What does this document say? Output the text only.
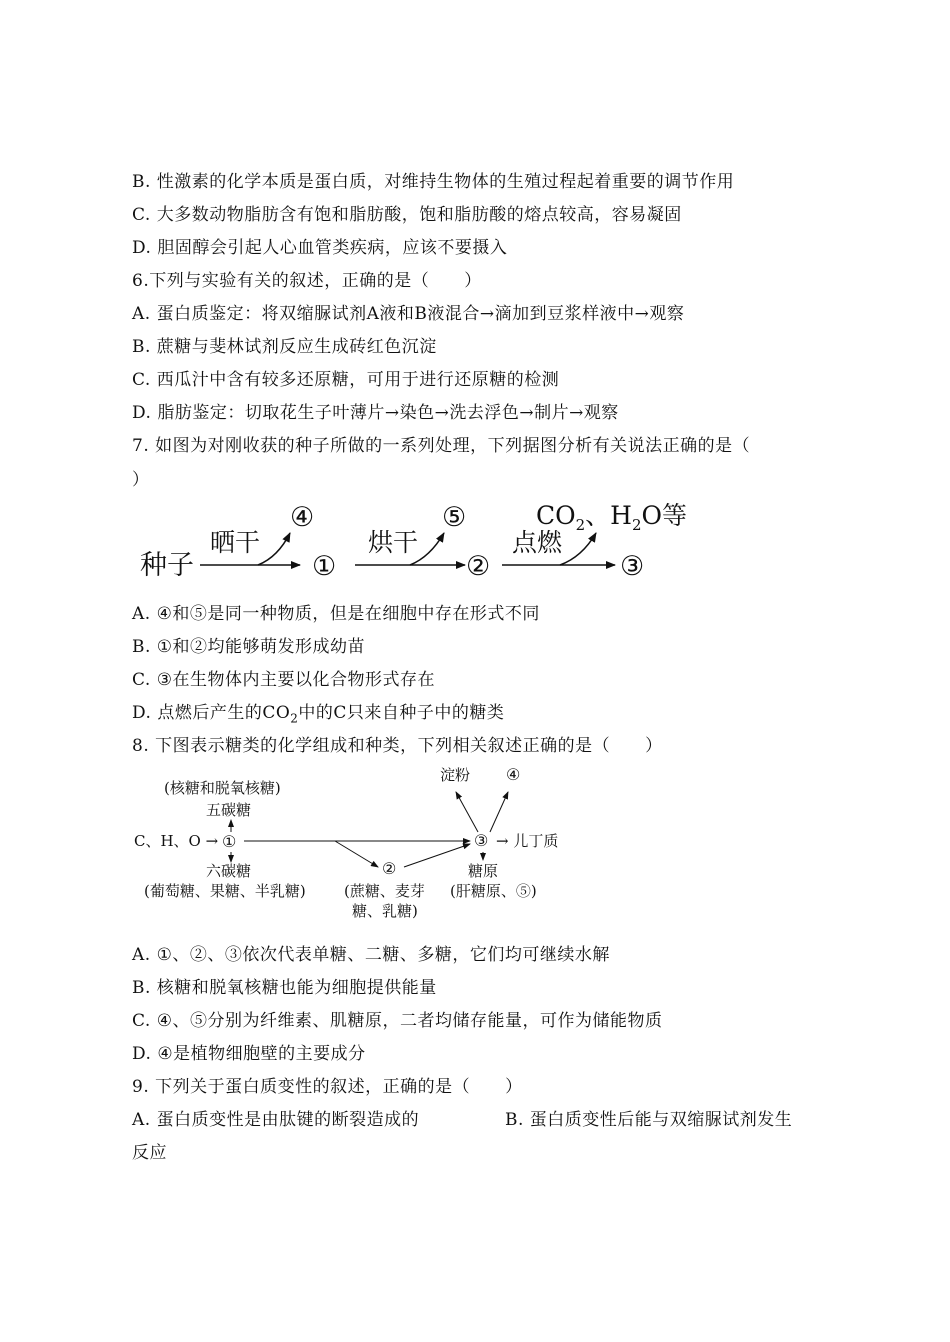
B. 性激素的化学本质是蛋白质，对维持生物体的生殖过程起着重要的调节作用
C. 大多数动物脂肪含有饱和脂肪酸，饱和脂肪酸的熔点较高，容易凝固
D. 胆固醇会引起人心血管类疾病，应该不要摄入
6.下列与实验有关的叙述，正确的是（　　）
A. 蛋白质鉴定：将双缩脲试剂A液和B液混合→滴加到豆浆样液中→观察
B. 蔗糖与斐林试剂反应生成砖红色沉淀
C. 西瓜汁中含有较多还原糖，可用于进行还原糖的检测
D. 脂肪鉴定：切取花生子叶薄片→染色→洗去浮色→制片→观察
7. 如图为对刚收获的种子所做的一系列处理，下列据图分析有关说法正确的是（
）
种子
晒干
④
①
烘干
⑤
②
点燃
$CO_2$、$H_2O$等
③
A. ④和⑤是同一种物质，但是在细胞中存在形式不同
B. ①和②均能够萌发形成幼苗
C. ③在生物体内主要以化合物形式存在
D. 点燃后产生的$CO_2$中的C只来自种子中的糖类
8. 下图表示糖类的化学组成和种类，下列相关叙述正确的是（　　）
(核糖和脱氧核糖)
五碳糖
C、H、O → ①
六碳糖
(葡萄糖、果糖、半乳糖)
②
(蔗糖、麦芽
糖、乳糖)
③ → 儿丁质
淀粉 ④
糖原
(肝糖原、⑤)
A. ①、②、③依次代表单糖、二糖、多糖，它们均可继续水解
B. 核糖和脱氧核糖也能为细胞提供能量
C. ④、⑤分别为纤维素、肌糖原，二者均储存能量，可作为储能物质
D. ④是植物细胞壁的主要成分
9. 下列关于蛋白质变性的叙述，正确的是（　　）
A. 蛋白质变性是由肽键的断裂造成的	B. 蛋白质变性后能与双缩脲试剂发生
反应
